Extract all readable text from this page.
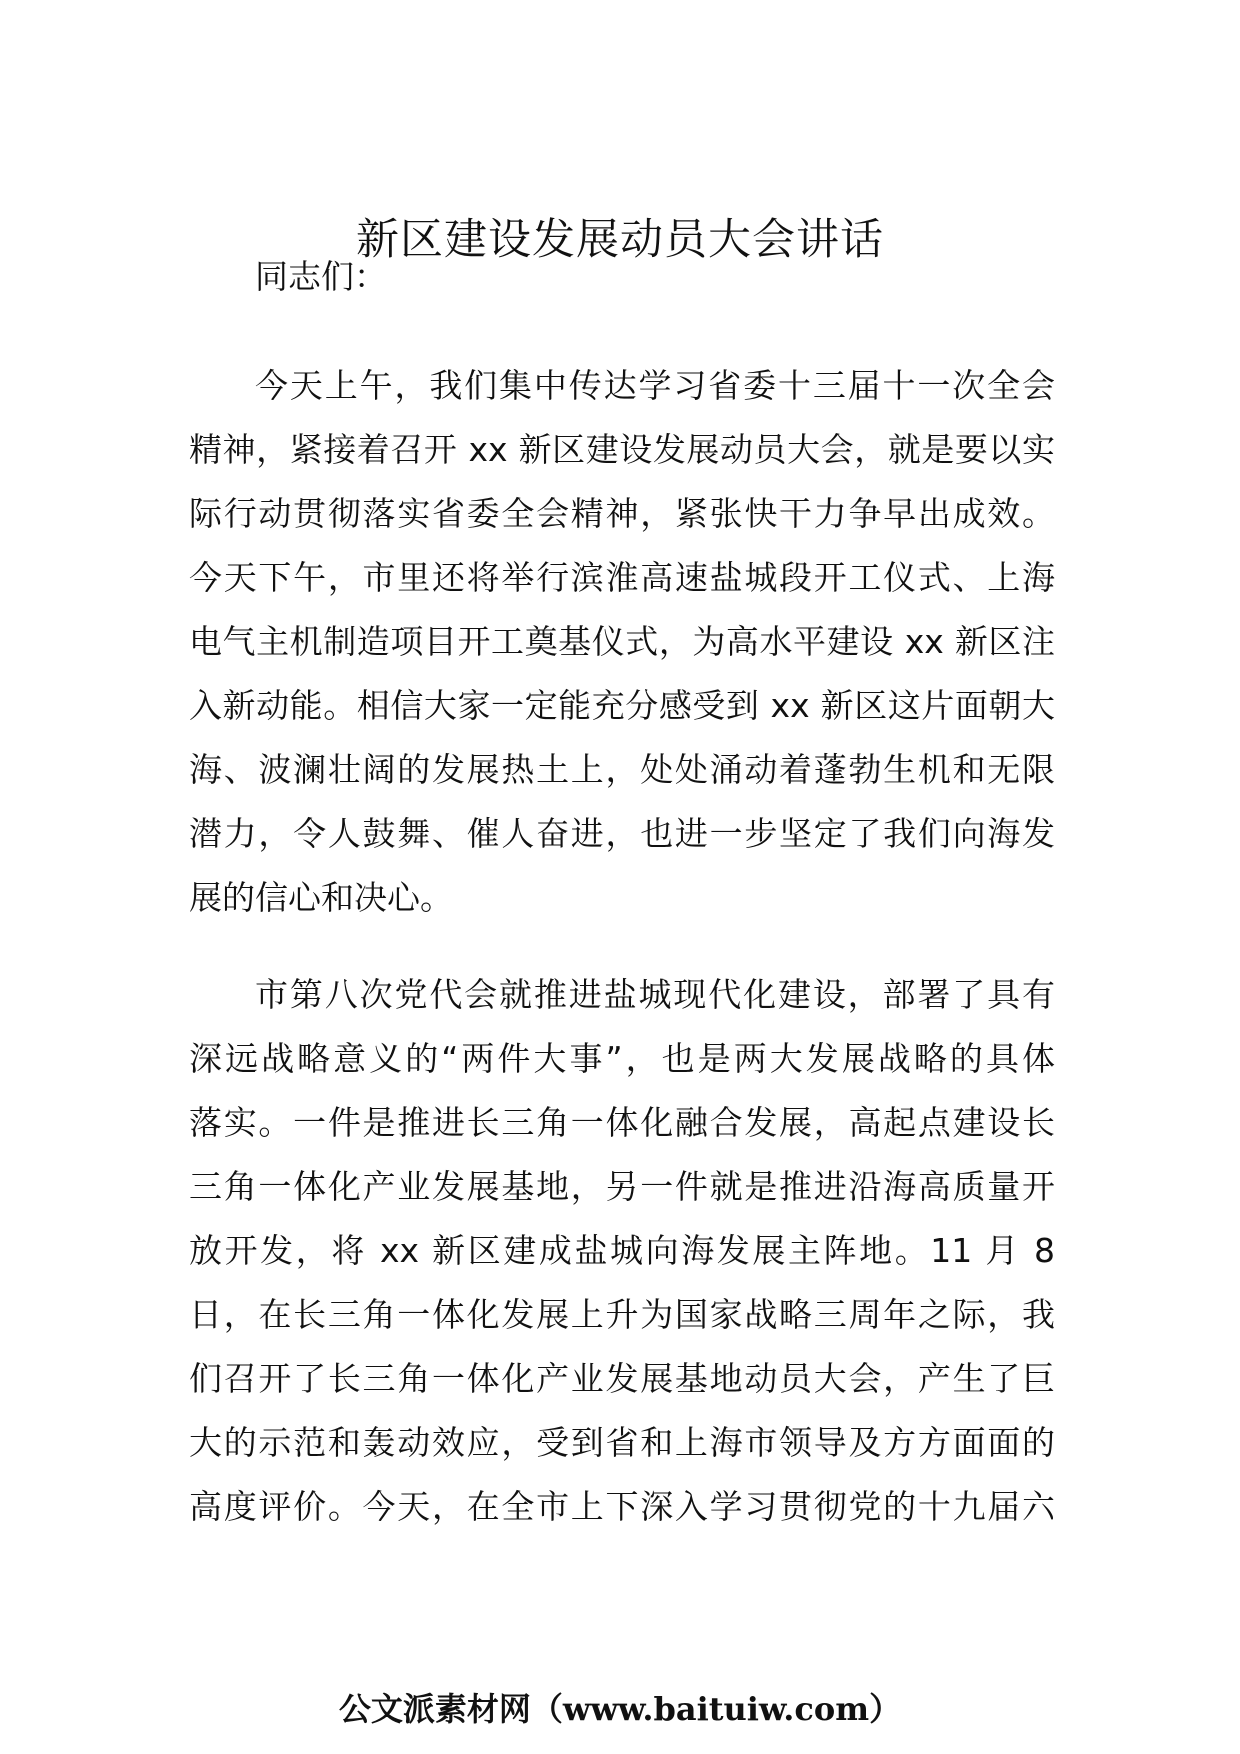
新区建设发展动员大会讲话
同志们：
今天上午，我们集中传达学习省委十三届十一次全会
精神，紧接着召开 xx 新区建设发展动员大会，就是要以实
际行动贯彻落实省委全会精神，紧张快干力争早出成效。
今天下午，市里还将举行滨淮高速盐城段开工仪式、上海
电气主机制造项目开工奠基仪式，为高水平建设 xx 新区注
入新动能。相信大家一定能充分感受到 xx 新区这片面朝大
海、波澜壮阔的发展热土上，处处涌动着蓬勃生机和无限
潜力，令人鼓舞、催人奋进，也进一步坚定了我们向海发
展的信心和决心。
市第八次党代会就推进盐城现代化建设，部署了具有
深远战略意义的“两件大事”，也是两大发展战略的具体
落实。一件是推进长三角一体化融合发展，高起点建设长
三角一体化产业发展基地，另一件就是推进沿海高质量开
放开发，将 xx 新区建成盐城向海发展主阵地。11 月 8
日，在长三角一体化发展上升为国家战略三周年之际，我
们召开了长三角一体化产业发展基地动员大会，产生了巨
大的示范和轰动效应，受到省和上海市领导及方方面面的
高度评价。今天，在全市上下深入学习贯彻党的十九届六
公文派素材网（www.baituiw.com）
